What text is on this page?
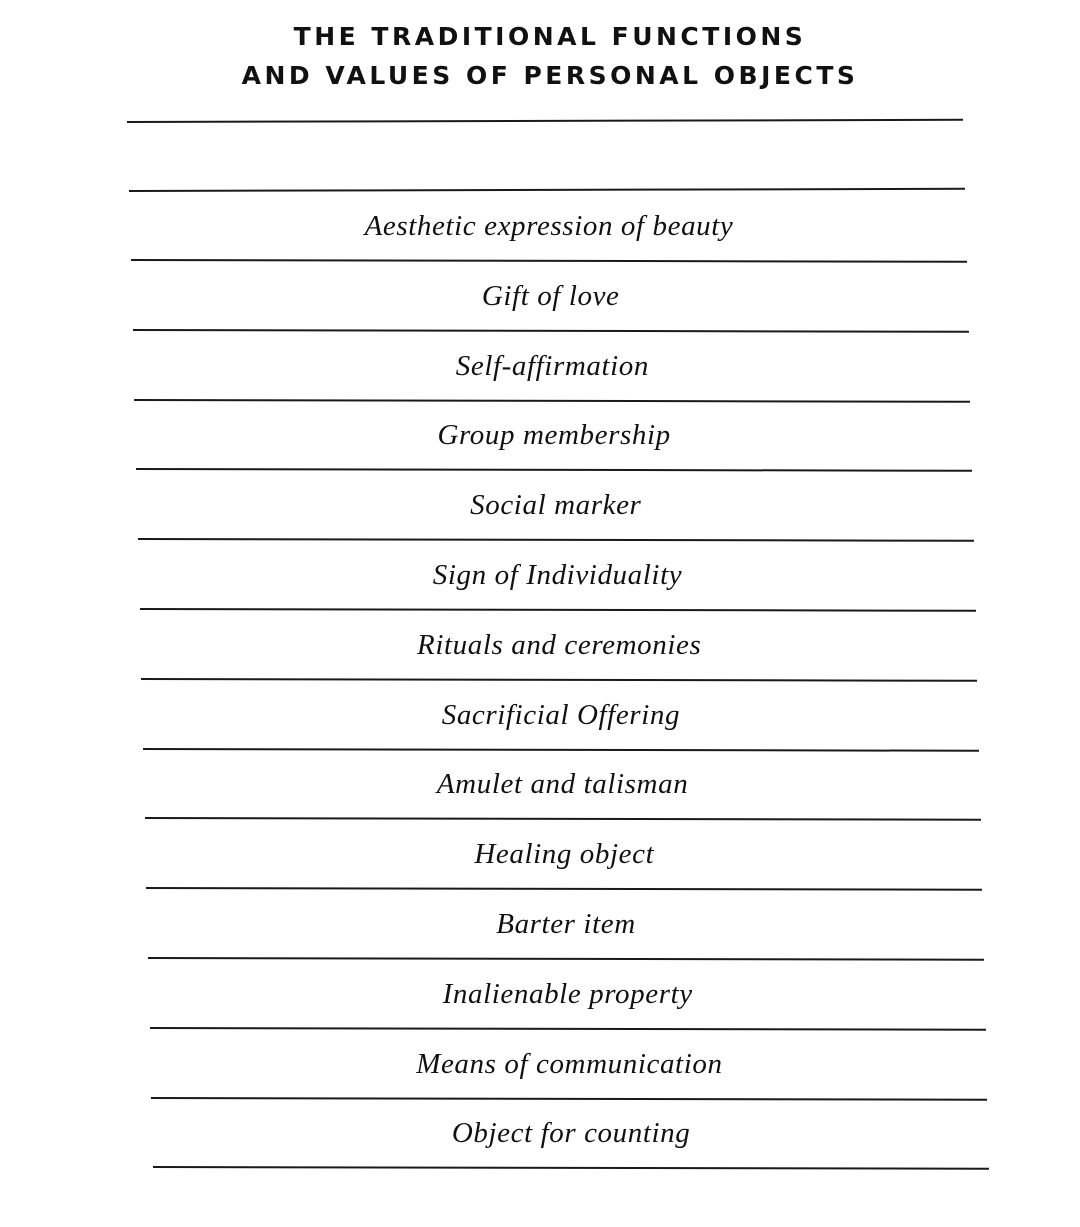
THE TRADITIONAL FUNCTIONS
AND VALUES OF PERSONAL OBJECTS
Aesthetic expression of beauty
Gift of love
Self-affirmation
Group membership
Social marker
Sign of Individuality
Rituals and ceremonies
Sacrificial Offering
Amulet and talisman
Healing object
Barter item
Inalienable property
Means of communication
Object for counting
